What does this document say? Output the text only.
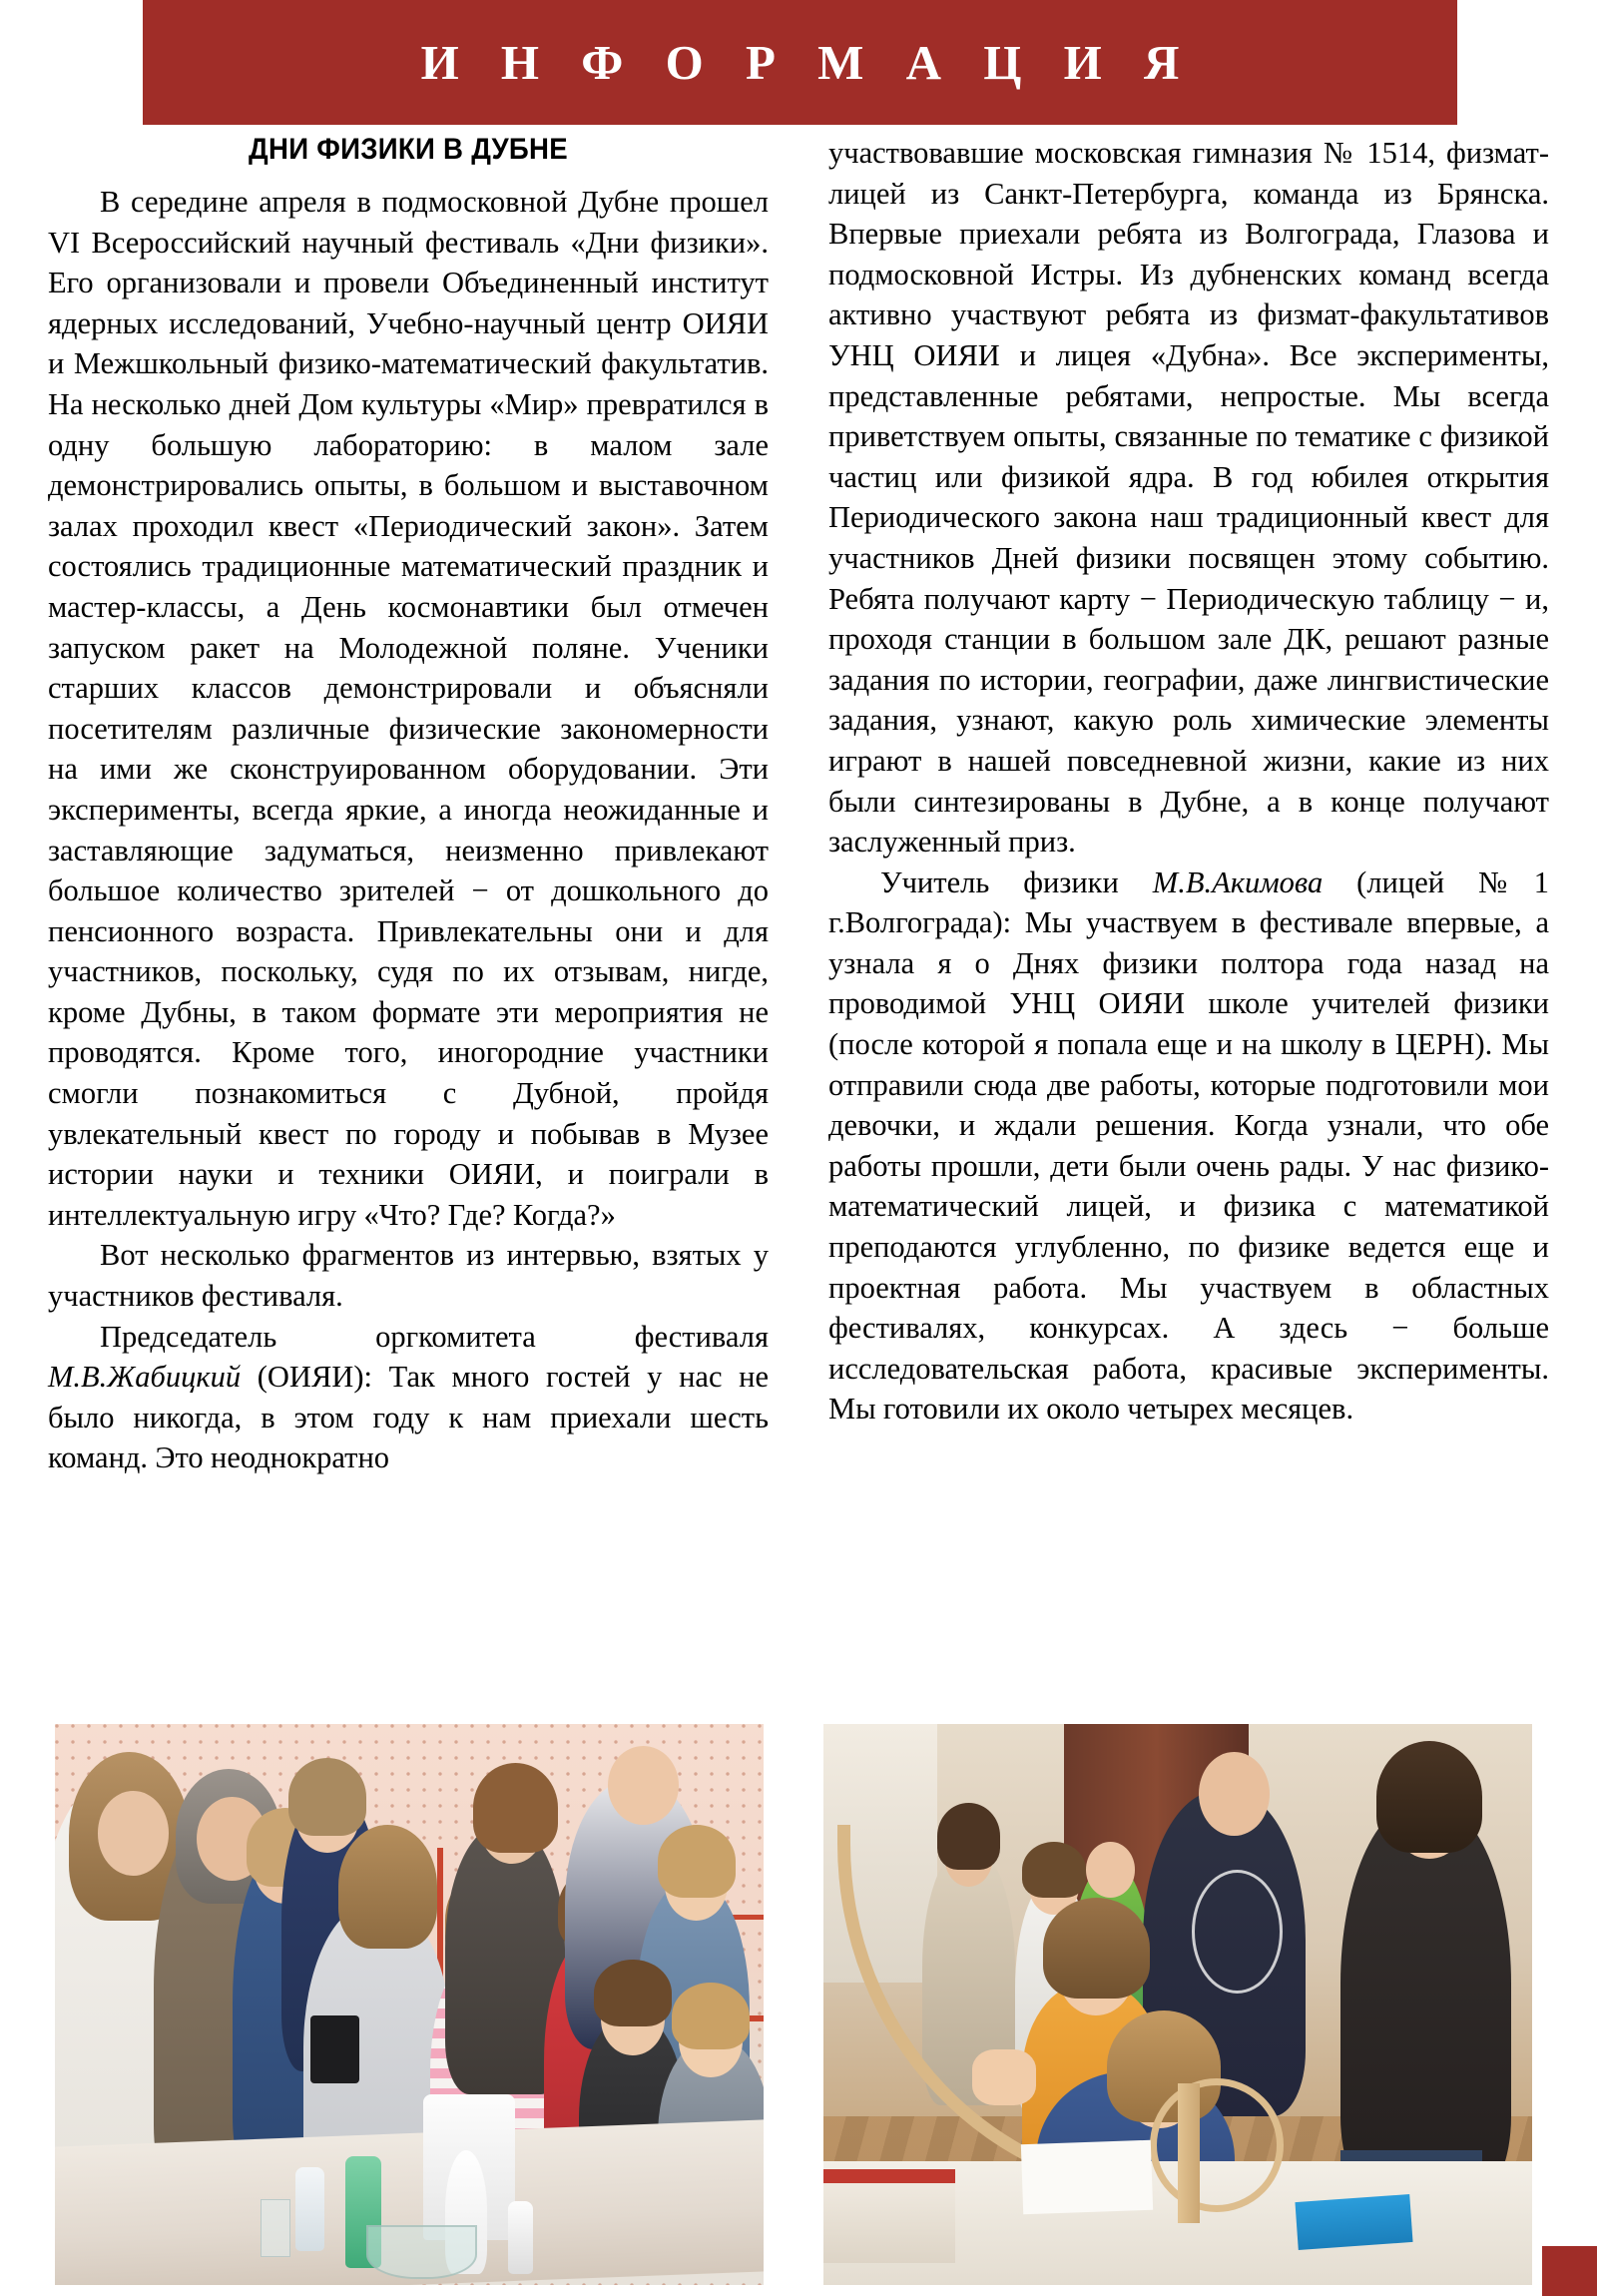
И Н Ф О Р М А Ц И Я
ДНИ ФИЗИКИ В ДУБНЕ

В середине апреля в подмосковной Дубне прошел VI Всероссийский научный фестиваль «Дни физики». Его организовали и провели Объединенный институт ядерных исследований, Учебно-научный центр ОИЯИ и Межшкольный физико-математический факультатив. На несколько дней Дом культуры «Мир» превратился в одну большую лабораторию: в малом зале демонстрировались опыты, в большом и выставочном залах проходил квест «Периодический закон». Затем состоялись традиционные математический праздник и мастер-классы, а День космонавтики был отмечен запуском ракет на Молодежной поляне. Ученики старших классов демонстрировали и объясняли посетителям различные физические закономерности на ими же сконструированном оборудовании. Эти эксперименты, всегда яркие, а иногда неожиданные и заставляющие задуматься, неизменно привлекают большое количество зрителей − от дошкольного до пенсионного возраста. Привлекательны они и для участников, поскольку, судя по их отзывам, нигде, кроме Дубны, в таком формате эти мероприятия не проводятся. Кроме того, иногородние участники смогли познакомиться с Дубной, пройдя увлекательный квест по городу и побывав в Музее истории науки и техники ОИЯИ, и поиграли в интеллектуальную игру «Что? Где? Когда?»

Вот несколько фрагментов из интервью, взятых у участников фестиваля.

Председатель оргкомитета фестиваля М.В.Жабицкий (ОИЯИ): Так много гостей у нас не было никогда, в этом году к нам приехали шесть команд. Это неоднократно

участвовавшие московская гимназия № 1514, физмат-лицей из Санкт-Петербурга, команда из Брянска. Впервые приехали ребята из Волгограда, Глазова и подмосковной Истры. Из дубненских команд всегда активно участвуют ребята из физмат-факультативов УНЦ ОИЯИ и лицея «Дубна». Все эксперименты, представленные ребятами, непростые. Мы всегда приветствуем опыты, связанные по тематике с физикой частиц или физикой ядра. В год юбилея открытия Периодического закона наш традиционный квест для участников Дней физики посвящен этому событию. Ребята получают карту − Периодическую таблицу − и, проходя станции в большом зале ДК, решают разные задания по истории, географии, даже лингвистические задания, узнают, какую роль химические элементы играют в нашей повседневной жизни, какие из них были синтезированы в Дубне, а в конце получают заслуженный приз.

Учитель физики М.В.Акимова (лицей №1 г.Волгограда): Мы участвуем в фестивале впервые, а узнала я о Днях физики полтора года назад на проводимой УНЦ ОИЯИ школе учителей физики (после которой я попала еще и на школу в ЦЕРН). Мы отправили сюда две работы, которые подготовили мои девочки, и ждали решения. Когда узнали, что обе работы прошли, дети были очень рады. У нас физико-математический лицей, и физика с математикой преподаются углубленно, по физике ведется еще и проектная работа. Мы участвуем в областных фестивалях, конкурсах. А здесь − больше исследовательская работа, красивые эксперименты. Мы готовили их около четырех месяцев.
